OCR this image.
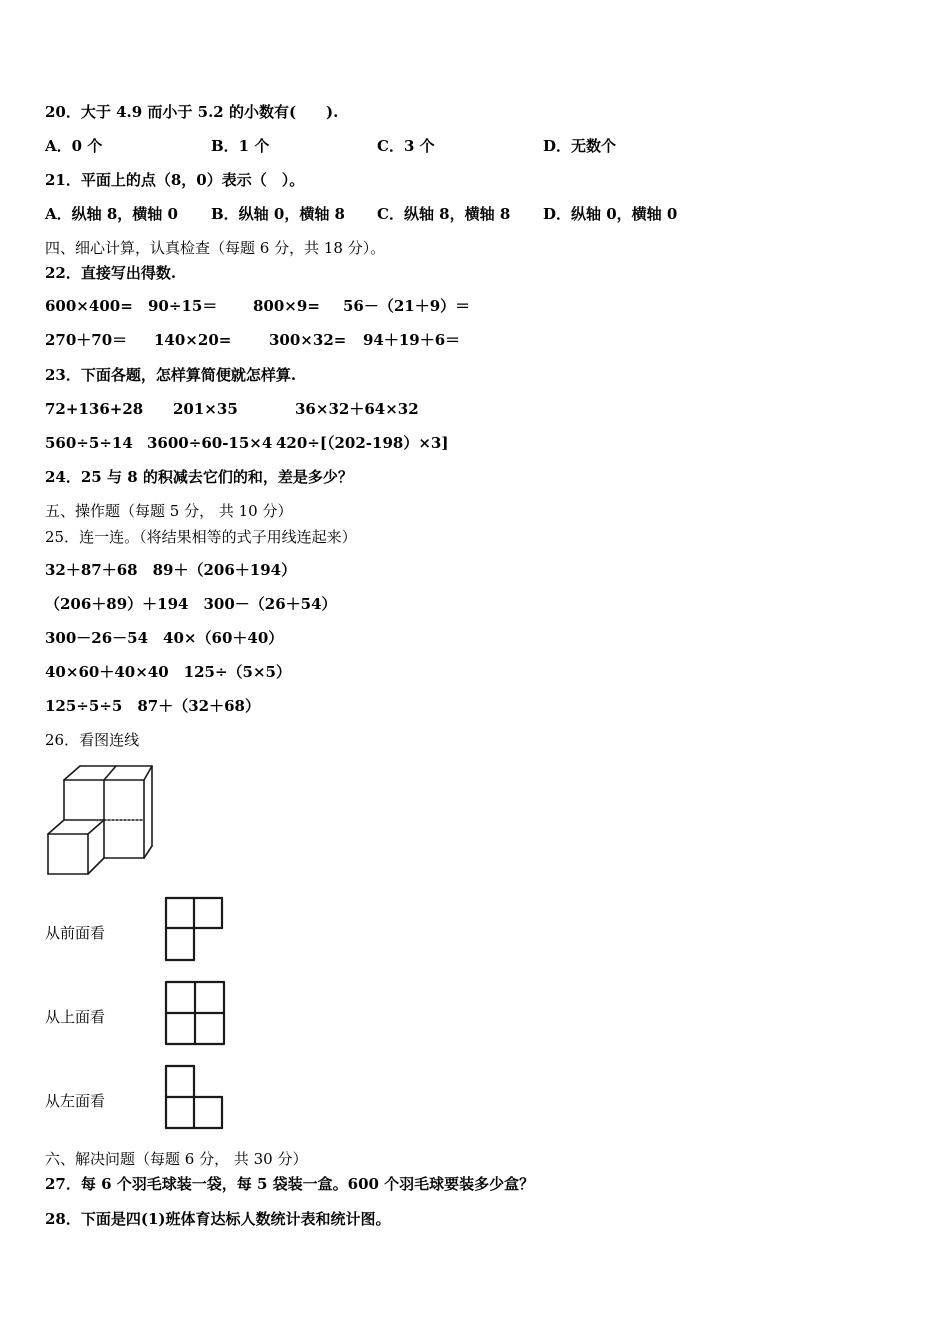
20．大于 4.9 而小于 5.2 的小数有(　　).
A．0 个	B．1 个	C．3 个	D．无数个
21．平面上的点（8，0）表示（　）。
A．纵轴 8，横轴 0 B．纵轴 0，横轴 8 C．纵轴 8，横轴 8 D．纵轴 0，横轴 0
四、细心计算，认真检查（每题 6 分，共 18 分）。
22．直接写出得数.
600×400= 90÷15＝ 800×9= 56－（21＋9）＝
270＋70＝ 140×20=	300×32= 94＋19＋6＝
23．下面各题，怎样算简便就怎样算.
72+136+28 201×35	36×32＋64×32
560÷5÷14 3600÷60-15×4 420÷[（202-198）×3]
24．25 与 8 的积减去它们的和，差是多少？
五、操作题（每题 5 分， 共 10 分）
25．连一连。（将结果相等的式子用线连起来）
32＋87＋68　89＋（206＋194）
（206＋89）＋194　300－（26＋54）
300－26－54　40×（60＋40）
40×60＋40×40　125÷（5×5）
125÷5÷5　87＋（32＋68）
26．看图连线
从前面看
从上面看
从左面看
六、解决问题（每题 6 分， 共 30 分）
27．每 6 个羽毛球装一袋，每 5 袋装一盒。600 个羽毛球要装多少盒？
28．下面是四(1)班体育达标人数统计表和统计图。
